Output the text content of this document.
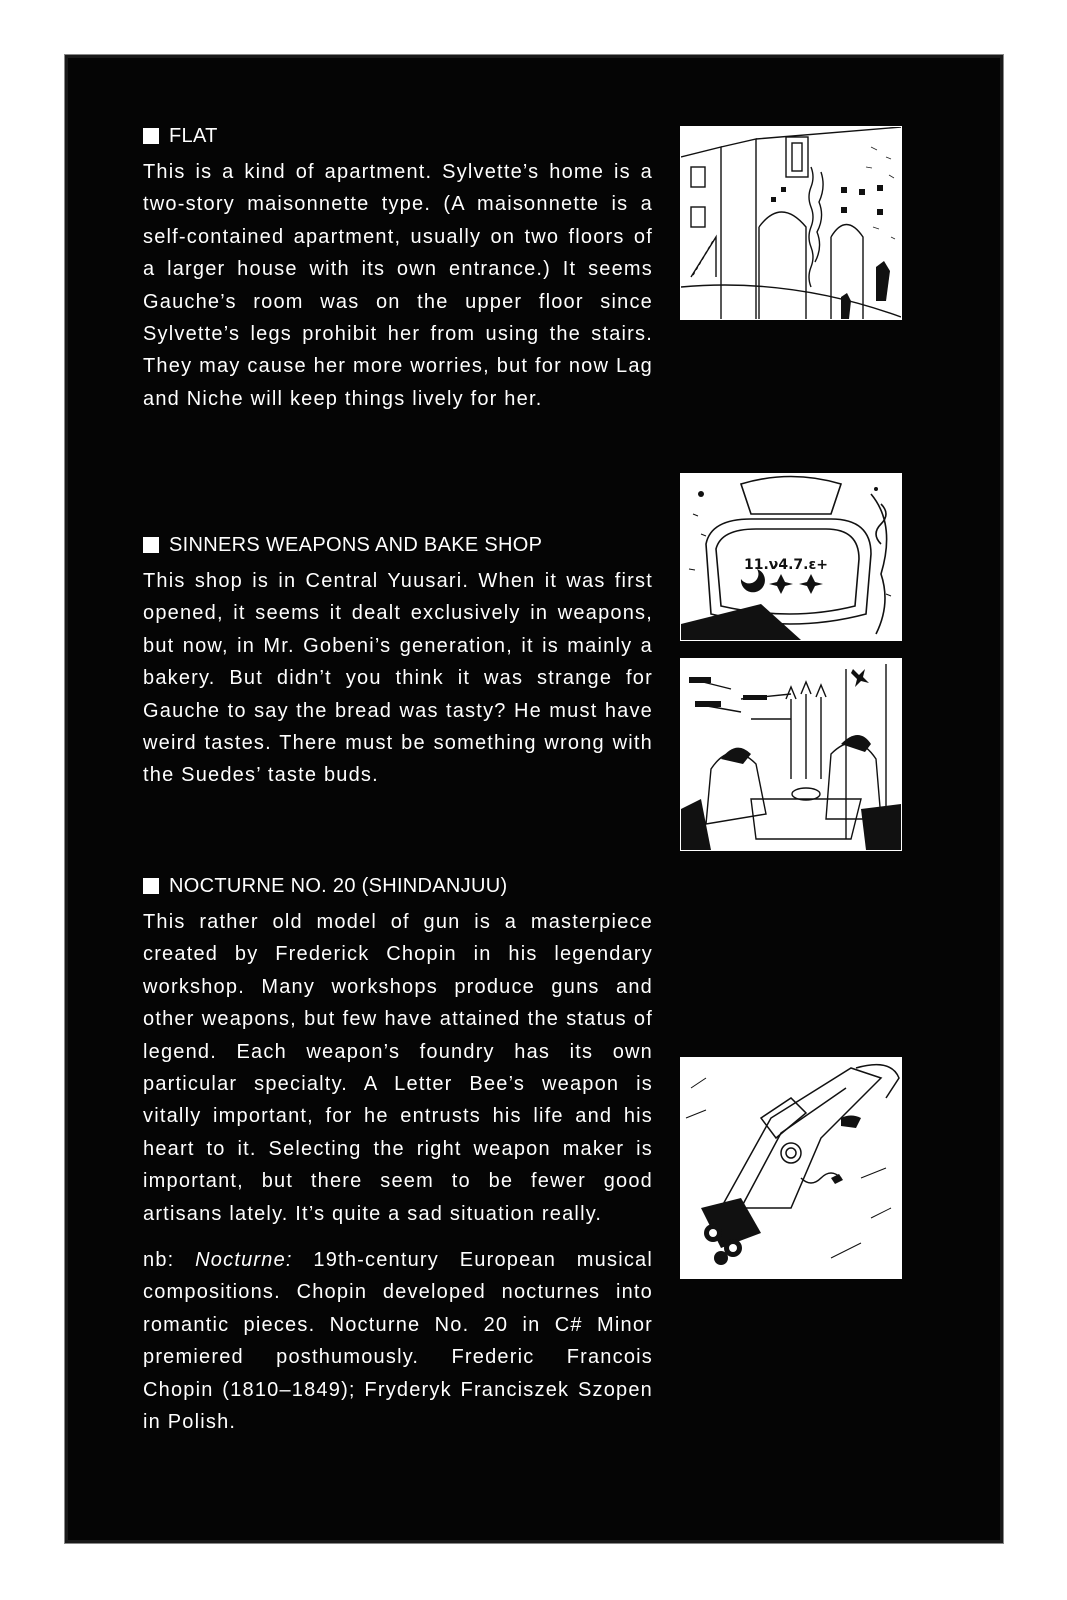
FLAT

This is a kind of apartment. Sylvette’s home is a two-story maisonnette type. (A maisonnette is a self-contained apartment, usually on two floors of a larger house with its own entrance.) It seems Gauche’s room was on the upper floor since Sylvette’s legs prohibit her from using the stairs. They may cause her more worries, but for now Lag and Niche will keep things lively for her.

SINNERS WEAPONS AND BAKE SHOP

This shop is in Central Yuusari. When it was first opened, it seems it dealt exclusively in weapons, but now, in Mr. Gobeni’s generation, it is mainly a bakery. But didn’t you think it was strange for Gauche to say the bread was tasty? He must have weird tastes. There must be something wrong with the Suedes’ taste buds.

NOCTURNE NO. 20 (SHINDANJUU)

This rather old model of gun is a masterpiece created by Frederick Chopin in his legendary workshop. Many workshops produce guns and other weapons, but few have attained the status of legend. Each weapon’s foundry has its own particular specialty. A Letter Bee’s weapon is vitally important, for he entrusts his life and his heart to it. Selecting the right weapon maker is important, but there seem to be fewer good artisans lately. It’s quite a sad situation really.

nb: Nocturne: 19th-century European musical compositions. Chopin developed nocturnes into romantic pieces. Nocturne No. 20 in C# Minor premiered posthumously. Frederic Francois Chopin (1810–1849); Fryderyk Franciszek Szopen in Polish.

11.ν4.7.ε+
